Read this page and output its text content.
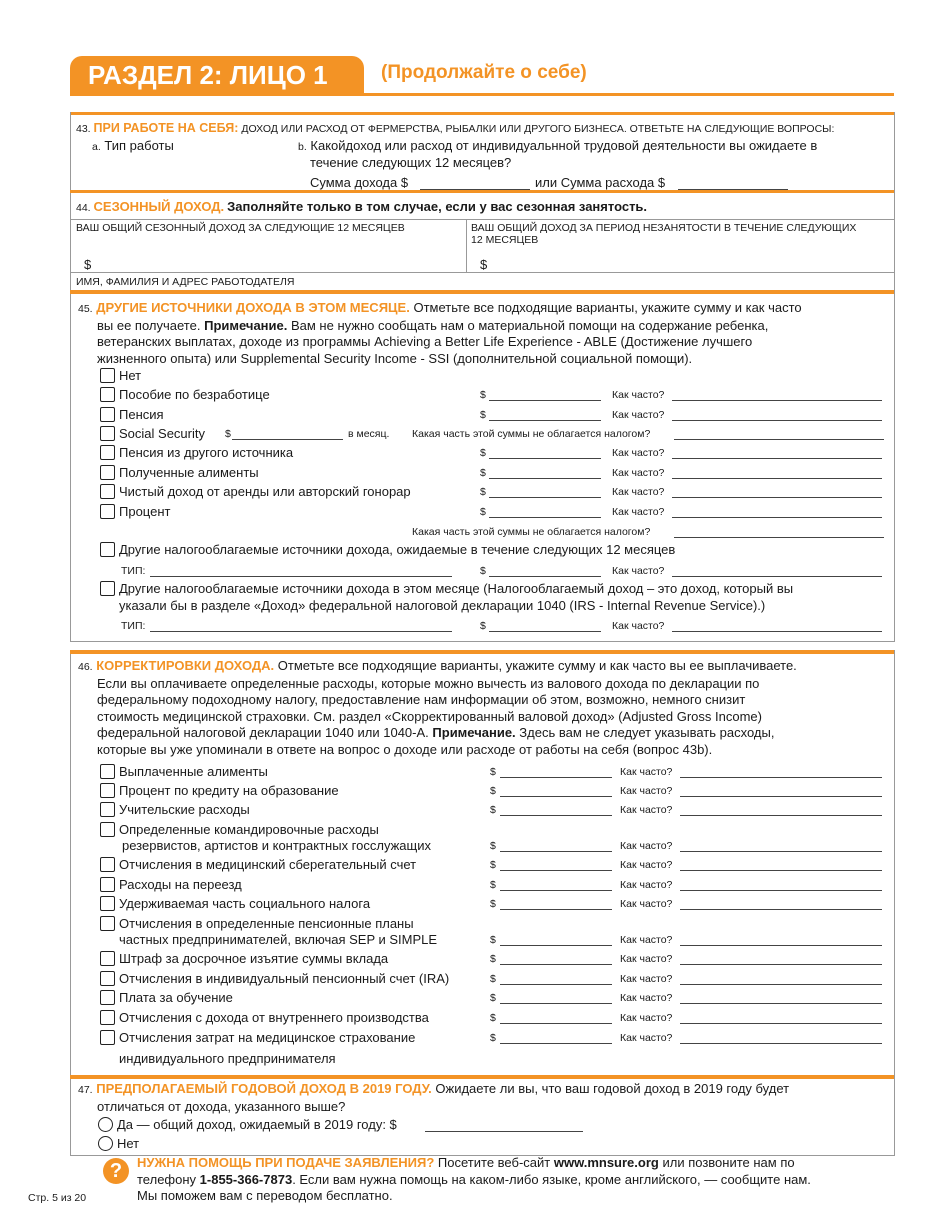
РАЗДЕЛ 2: ЛИЦО 1	(Продолжайте о себе)
43. ПРИ РАБОТЕ НА СЕБЯ: ДОХОД ИЛИ РАСХОД ОТ ФЕРМЕРСТВА, РЫБАЛКИ ИЛИ ДРУГОГО БИЗНЕСА. ОТВЕТЬТЕ НА СЛЕДУЮЩИЕ ВОПРОСЫ:
a. Тип работы	b. Какойдоход или расход от индивидуальнной трудовой деятельности вы ожидаете в
течение следующих 12 месяцев?
Сумма дохода $	или Сумма расхода $
44. СЕЗОННЫЙ ДОХОД. Заполняйте только в том случае, если у вас сезонная занятость.
ВАШ ОБЩИЙ СЕЗОННЫЙ ДОХОД ЗА СЛЕДУЮЩИЕ 12 МЕСЯЦЕВ	ВАШ ОБЩИЙ ДОХОД ЗА ПЕРИОД НЕЗАНЯТОСТИ В ТЕЧЕНИЕ СЛЕДУЮЩИХ
12 МЕСЯЦЕВ
$	$
ИМЯ, ФАМИЛИЯ И АДРЕС РАБОТОДАТЕЛЯ
45. ДРУГИЕ ИСТОЧНИКИ ДОХОДА В ЭТОМ МЕСЯЦЕ. Отметьте все подходящие варианты, укажите сумму и как часто
вы ее получаете. Примечание. Вам не нужно сообщать нам о материальной помощи на содержание ребенка,
ветеранских выплатах, доходе из программы Achieving a Better Life Experience - ABLE (Достижение лучшего
жизненного опыта) или Supplemental Security Income - SSI (дополнительной социальной помощи).
Нет
Пособие по безработице	$	Как часто?
Пенсия	$	Как часто?
Пенсия из другого источника	$	Как часто?
Полученные алименты	$	Как часто?
Чистый доход от аренды или авторский гонорар	$	Как часто?
Процент	$	Как часто?
Social Security $	в месяц. Какая часть этой суммы не облагается налогом?
Какая часть этой суммы не облагается налогом?
Другие налогооблагаемые источники дохода, ожидаемые в течение следующих 12 месяцев
ТИП:	$	Как часто?
Другие налогооблагаемые источники дохода в этом месяце (Налогооблагаемый доход – это доход, который вы
указали бы в разделе «Доход» федеральной налоговой декларации 1040 (IRS - Internal Revenue Service).)
ТИП:	$	Как часто?
46. КОРРЕКТИРОВКИ ДОХОДА. Отметьте все подходящие варианты, укажите сумму и как часто вы ее выплачиваете.
Если вы оплачиваете определенные расходы, которые можно вычесть из валового дохода по декларации по
федеральному подоходному налогу, предоставление нам информации об этом, возможно, немного снизит
стоимость медицинской страховки. См. раздел «Скорректированный валовой доход» (Adjusted Gross Income)
федеральной налоговой декларации 1040 или 1040-A. Примечание. Здесь вам не следует указывать расходы,
которые вы уже упоминали в ответе на вопрос о доходе или расходе от работы на себя (вопрос 43b).
Выплаченные алименты	$	Как часто?
Процент по кредиту на образование	$	Как часто?
Учительские расходы	$	Как часто?
Определенные командировочные расходы
резервистов, артистов и контрактных госслужащих	$	Как часто?
Отчисления в медицинский сберегательный счет	$	Как часто?
Расходы на переезд	$	Как часто?
Удерживаемая часть социального налога	$	Как часто?
Отчисления в определенные пенсионные планы
частных предпринимателей, включая SEP и SIMPLE	$	Как часто?
Штраф за досрочное изъятие суммы вклада	$	Как часто?
Отчисления в индивидуальный пенсионный счет (IRA)	$	Как часто?
Плата за обучение	$	Как часто?
Отчисления с дохода от внутреннего производства	$	Как часто?
Отчисления затрат на медицинское страхование
индивидуального предпринимателя
$	Как часто?
47. ПРЕДПОЛАГАЕМЫЙ ГОДОВОЙ ДОХОД В 2019 ГОДУ. Ожидаете ли вы, что ваш годовой доход в 2019 году будет
отличаться от дохода, указанного выше?
Да — общий доход, ожидаемый в 2019 году: $
Нет
?	НУЖНА ПОМОЩЬ ПРИ ПОДАЧЕ ЗАЯВЛЕНИЯ? Посетите веб-сайт www.mnsure.org или позвоните нам по
телефону 1-855-366-7873. Если вам нужна помощь на каком-либо языке, кроме английского, — сообщите нам.
Мы поможем вам с переводом бесплатно.
Стр. 5 из 20
